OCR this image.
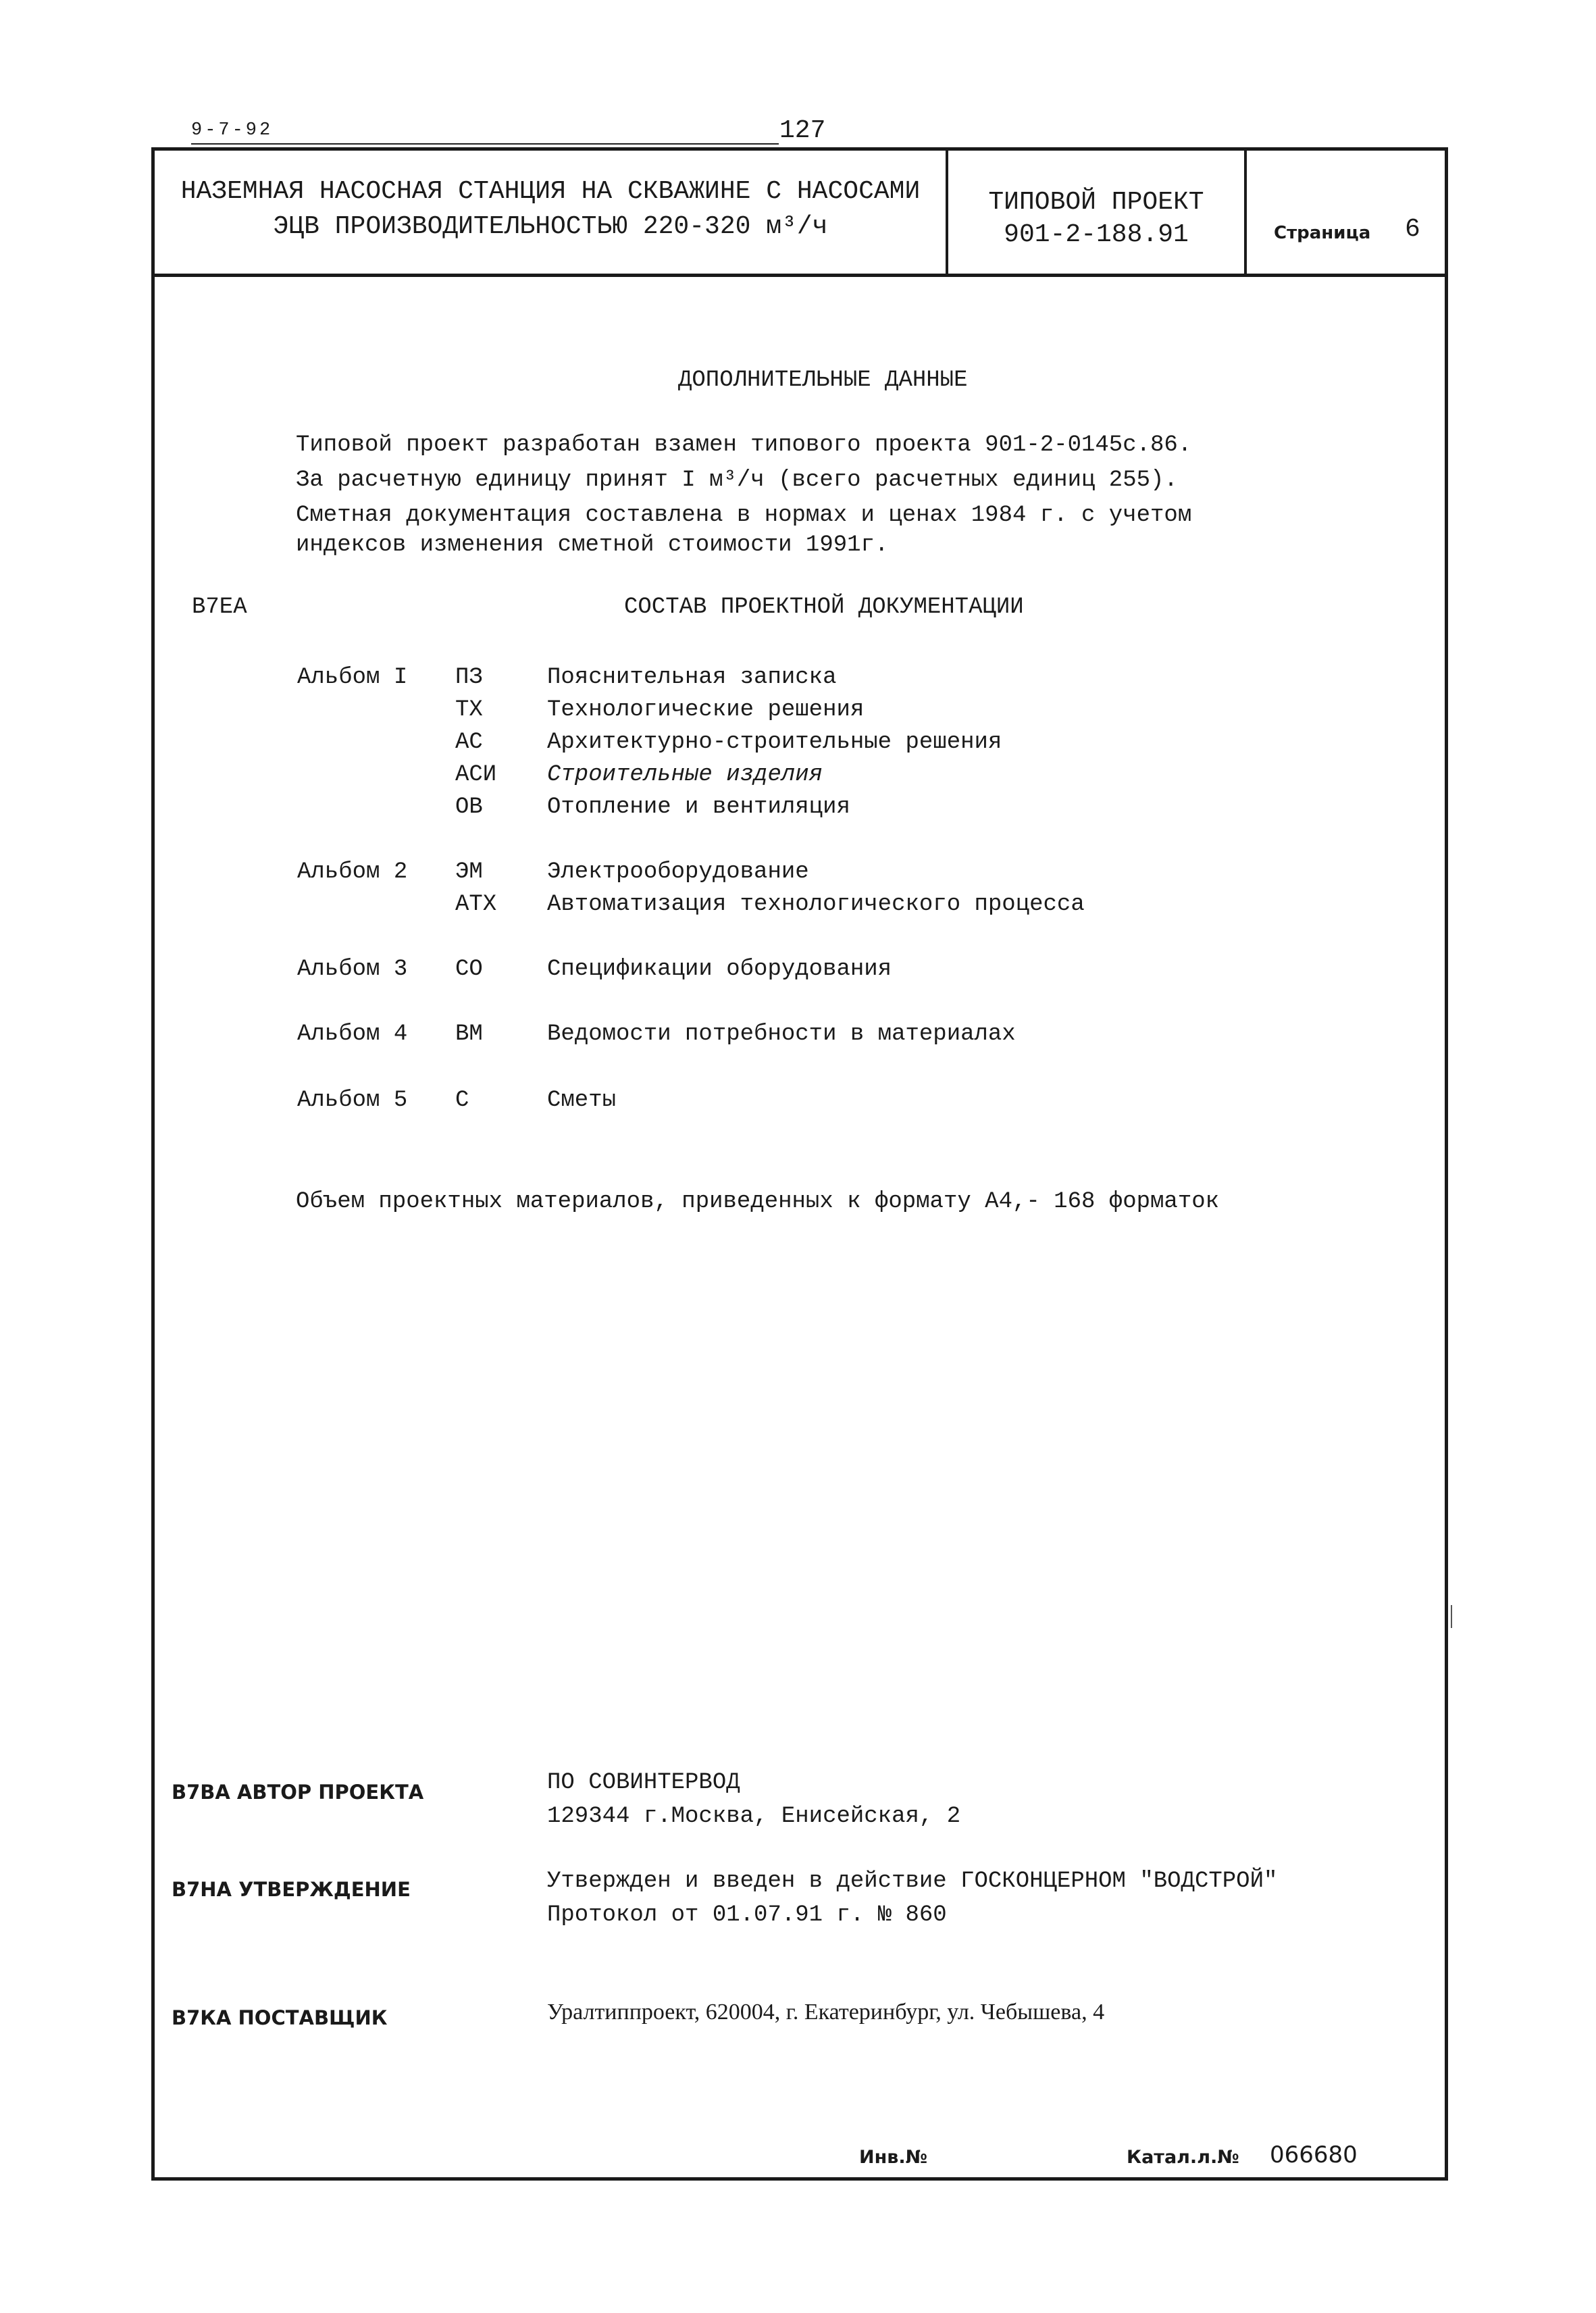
9-7-92	127
НАЗЕМНАЯ НАСОСНАЯ СТАНЦИЯ НА СКВАЖИНЕ С НАСОСАМИ
ЭЦВ ПРОИЗВОДИТЕЛЬНОСТЬЮ 220-320 м³/ч
ТИПОВОЙ ПРОЕКТ
901-2-188.91	Страница 6
ДОПОЛНИТЕЛЬНЫЕ ДАННЫЕ
Типовой проект разработан взамен типового проекта 901-2-0145с.86.
За расчетную единицу принят I м³/ч (всего расчетных единиц 255).
Сметная документация составлена в нормах и ценах 1984 г. с учетом
индексов изменения сметной стоимости 1991г.
В7ЕА	СОСТАВ ПРОЕКТНОЙ ДОКУМЕНТАЦИИ
Альбом I ПЗ	Пояснительная записка
ТХ	Технологические решения
АС	Архитектурно-строительные решения
АСИ Строительные изделия
ОВ	Отопление и вентиляция
Альбом 2 ЭМ	Электрооборудование
АТХ Автоматизация технологического процесса
Альбом 3 СО	Спецификации оборудования
Альбом 4 ВМ	Ведомости потребности в материалах
Альбом 5 С	Сметы
Объем проектных материалов, приведенных к формату А4,- 168 форматок
В7ВА АВТОР ПРОЕКТА	ПО СОВИНТЕРВОД
129344 г.Москва, Енисейская, 2
В7НА УТВЕРЖДЕНИЕ	Утвержден и введен в действие ГОСКОНЦЕРНОМ "ВОДСТРОЙ"
Протокол от 01.07.91 г. № 860
В7КА ПОСТАВЩИК	Уралтиппроект, 620004, г. Екатеринбург, ул. Чебышева, 4
Инв.№	Катал.л.№ 066680
